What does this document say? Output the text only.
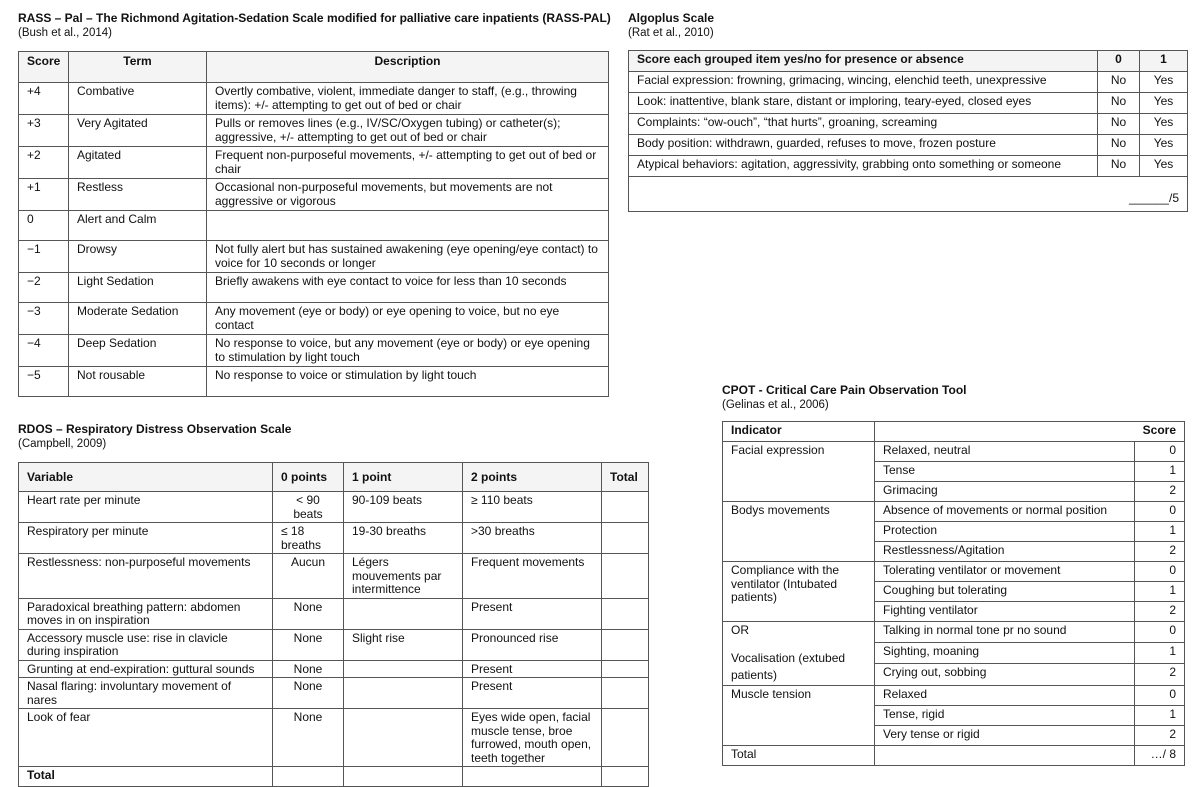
RASS – Pal – The Richmond Agitation-Sedation Scale modified for palliative care inpatients (RASS-PAL)
(Bush et al., 2014)
Score	Term	Description
+4	Combative	Overtly combative, violent, immediate danger to staff, (e.g., throwing items): +/- attempting to get out of bed or chair
+3	Very Agitated	Pulls or removes lines (e.g., IV/SC/Oxygen tubing) or catheter(s); aggressive, +/- attempting to get out of bed or chair
+2	Agitated	Frequent non-purposeful movements, +/- attempting to get out of bed or chair
+1	Restless	Occasional non-purposeful movements, but movements are not aggressive or vigorous
0	Alert and Calm	
−1	Drowsy	Not fully alert but has sustained awakening (eye opening/eye contact) to voice for 10 seconds or longer
−2	Light Sedation	Briefly awakens with eye contact to voice for less than 10 seconds
−3	Moderate Sedation	Any movement (eye or body) or eye opening to voice, but no eye contact
−4	Deep Sedation	No response to voice, but any movement (eye or body) or eye opening to stimulation by light touch
−5	Not rousable	No response to voice or stimulation by light touch
Algoplus Scale
(Rat et al., 2010)
Score each grouped item yes/no for presence or absence	0	1
Facial expression: frowning, grimacing, wincing, elenchid teeth, unexpressive	No	Yes
Look: inattentive, blank stare, distant or imploring, teary-eyed, closed eyes	No	Yes
Complaints: “ow-ouch”, “that hurts”, groaning, screaming	No	Yes
Body position: withdrawn, guarded, refuses to move, frozen posture	No	Yes
Atypical behaviors: agitation, aggressivity, grabbing onto something or someone	No	Yes
______/5		
RDOS – Respiratory Distress Observation Scale
(Campbell, 2009)
Variable	0 points	1 point	2 points	Total
Heart rate per minute	< 90 beats	90-109 beats	≥ 110 beats	
Respiratory per minute	≤ 18 breaths	19-30 breaths	>30 breaths	
Restlessness: non-purposeful movements	Aucun	Légers mouvements par intermittence	Frequent movements	
Paradoxical breathing pattern: abdomen moves in on inspiration	None		Present	
Accessory muscle use: rise in clavicle during inspiration	None	Slight rise	Pronounced rise	
Grunting at end-expiration: guttural sounds	None		Present	
Nasal flaring: involuntary movement of nares	None		Present	
Look of fear	None		Eyes wide open, facial muscle tense, broe furrowed, mouth open, teeth together	
Total				
CPOT - Critical Care Pain Observation Tool
(Gelinas et al., 2006)
Indicator	Score	
Facial expression	Relaxed, neutral	0
	Tense	1
	Grimacing	2
Bodys movements	Absence of movements or normal position	0
	Protection	1
	Restlessness/Agitation	2
Compliance with the ventilator (Intubated patients)	Tolerating ventilator or movement	0
	Coughing but tolerating	1
	Fighting ventilator	2

OR
Vocalisation (extubed patients)	Talking in normal tone pr no sound	0
	Sighting, moaning	1
	Crying out, sobbing	2
Muscle tension	Relaxed	0
	Tense, rigid	1
	Very tense or rigid	2
Total		…/ 8
